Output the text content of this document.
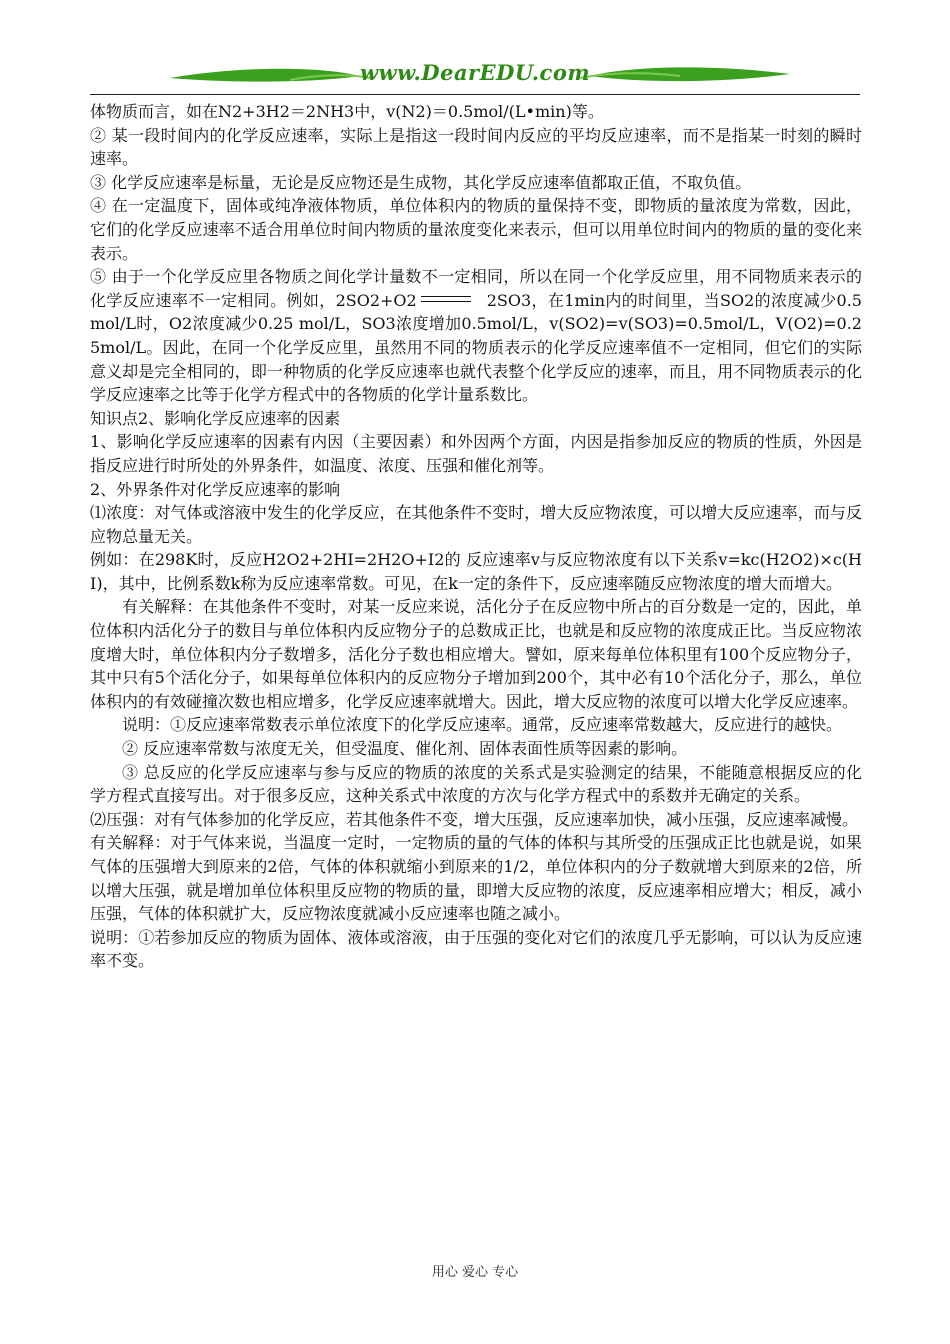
www.DearEDU.com

体物质而言，如在N2+3H2＝2NH3中，v(N2)＝0.5mol/(L•min)等。

② 某一段时间内的化学反应速率，实际上是指这一段时间内反应的平均反应速率，而不是指某一时刻的瞬时速率。

③ 化学反应速率是标量，无论是反应物还是生成物，其化学反应速率值都取正值，不取负值。

④ 在一定温度下，固体或纯净液体物质，单位体积内的物质的量保持不变，即物质的量浓度为常数，因此，它们的化学反应速率不适合用单位时间内物质的量浓度变化来表示，但可以用单位时间内的物质的量的变化来表示。

⑤ 由于一个化学反应里各物质之间化学计量数不一定相同，所以在同一个化学反应里，用不同物质来表示的化学反应速率不一定相同。例如，2SO2+O2	2SO3，在1min内的时间里，当SO2的浓度减少0.5mol/L时，O2浓度减少0.25 mol/L，SO3浓度增加0.5mol/L，v(SO2)=v(SO3)=0.5mol/L，V(O2)=0.25mol/L。因此，在同一个化学反应里，虽然用不同的物质表示的化学反应速率值不一定相同，但它们的实际意义却是完全相同的，即一种物质的化学反应速率也就代表整个化学反应的速率，而且，用不同物质表示的化学反应速率之比等于化学方程式中的各物质的化学计量系数比。

知识点2、影响化学反应速率的因素

1、影响化学反应速率的因素有内因（主要因素）和外因两个方面，内因是指参加反应的物质的性质，外因是指反应进行时所处的外界条件，如温度、浓度、压强和催化剂等。

2、外界条件对化学反应速率的影响

⑴浓度：对气体或溶液中发生的化学反应，在其他条件不变时，增大反应物浓度，可以增大反应速率，而与反应物总量无关。

例如：在298K时，反应H2O2+2HI=2H2O+I2的 反应速率v与反应物浓度有以下关系v=kc(H2O2)×c(HI)，其中，比例系数k称为反应速率常数。可见，在k一定的条件下，反应速率随反应物浓度的增大而增大。

有关解释：在其他条件不变时，对某一反应来说，活化分子在反应物中所占的百分数是一定的，因此，单位体积内活化分子的数目与单位体积内反应物分子的总数成正比，也就是和反应物的浓度成正比。当反应物浓度增大时，单位体积内分子数增多，活化分子数也相应增大。譬如，原来每单位体积里有100个反应物分子，其中只有5个活化分子，如果每单位体积内的反应物分子增加到200个，其中必有10个活化分子，那么，单位体积内的有效碰撞次数也相应增多，化学反应速率就增大。因此，增大反应物的浓度可以增大化学反应速率。

说明：①反应速率常数表示单位浓度下的化学反应速率。通常，反应速率常数越大，反应进行的越快。

② 反应速率常数与浓度无关，但受温度、催化剂、固体表面性质等因素的影响。

③ 总反应的化学反应速率与参与反应的物质的浓度的关系式是实验测定的结果，不能随意根据反应的化学方程式直接写出。对于很多反应，这种关系式中浓度的方次与化学方程式中的系数并无确定的关系。

⑵压强：对有气体参加的化学反应，若其他条件不变，增大压强，反应速率加快，减小压强，反应速率减慢。

有关解释：对于气体来说，当温度一定时，一定物质的量的气体的体积与其所受的压强成正比也就是说，如果气体的压强增大到原来的2倍，气体的体积就缩小到原来的1/2，单位体积内的分子数就增大到原来的2倍，所以增大压强，就是增加单位体积里反应物的物质的量，即增大反应物的浓度，反应速率相应增大；相反，减小压强，气体的体积就扩大，反应物浓度就减小反应速率也随之减小。

说明：①若参加反应的物质为固体、液体或溶液，由于压强的变化对它们的浓度几乎无影响，可以认为反应速率不变。

用心 爱心 专心
